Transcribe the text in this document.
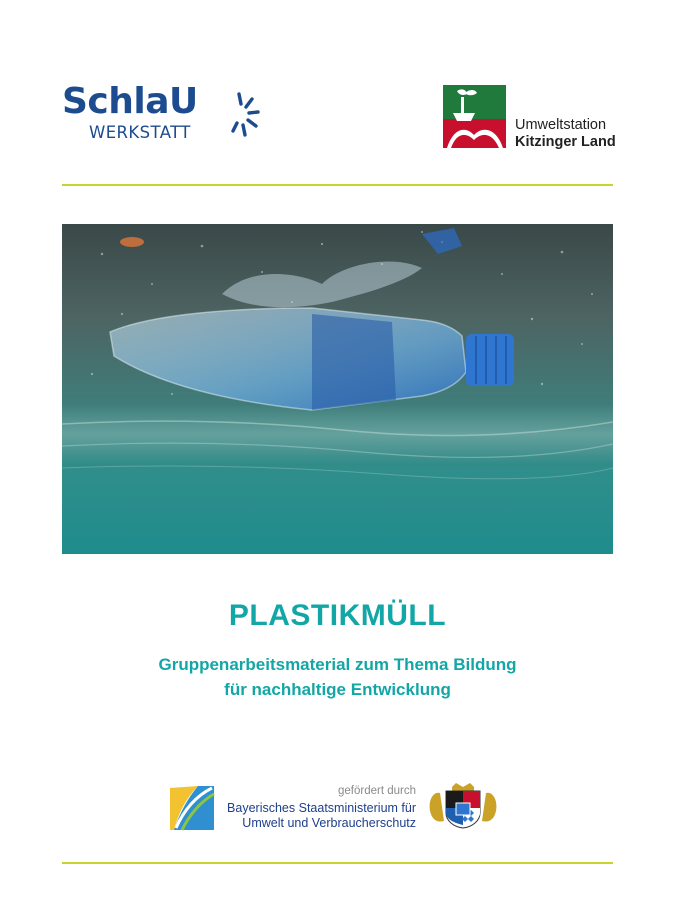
SchlaU
WERKSTATT	Umweltstation
Kitzinger Land
PLASTIKMÜLL
Gruppenarbeitsmaterial zum Thema Bildung
für nachhaltige Entwicklung
gefördert durch
Bayerisches Staatsministerium für
Umwelt und Verbraucherschutz
